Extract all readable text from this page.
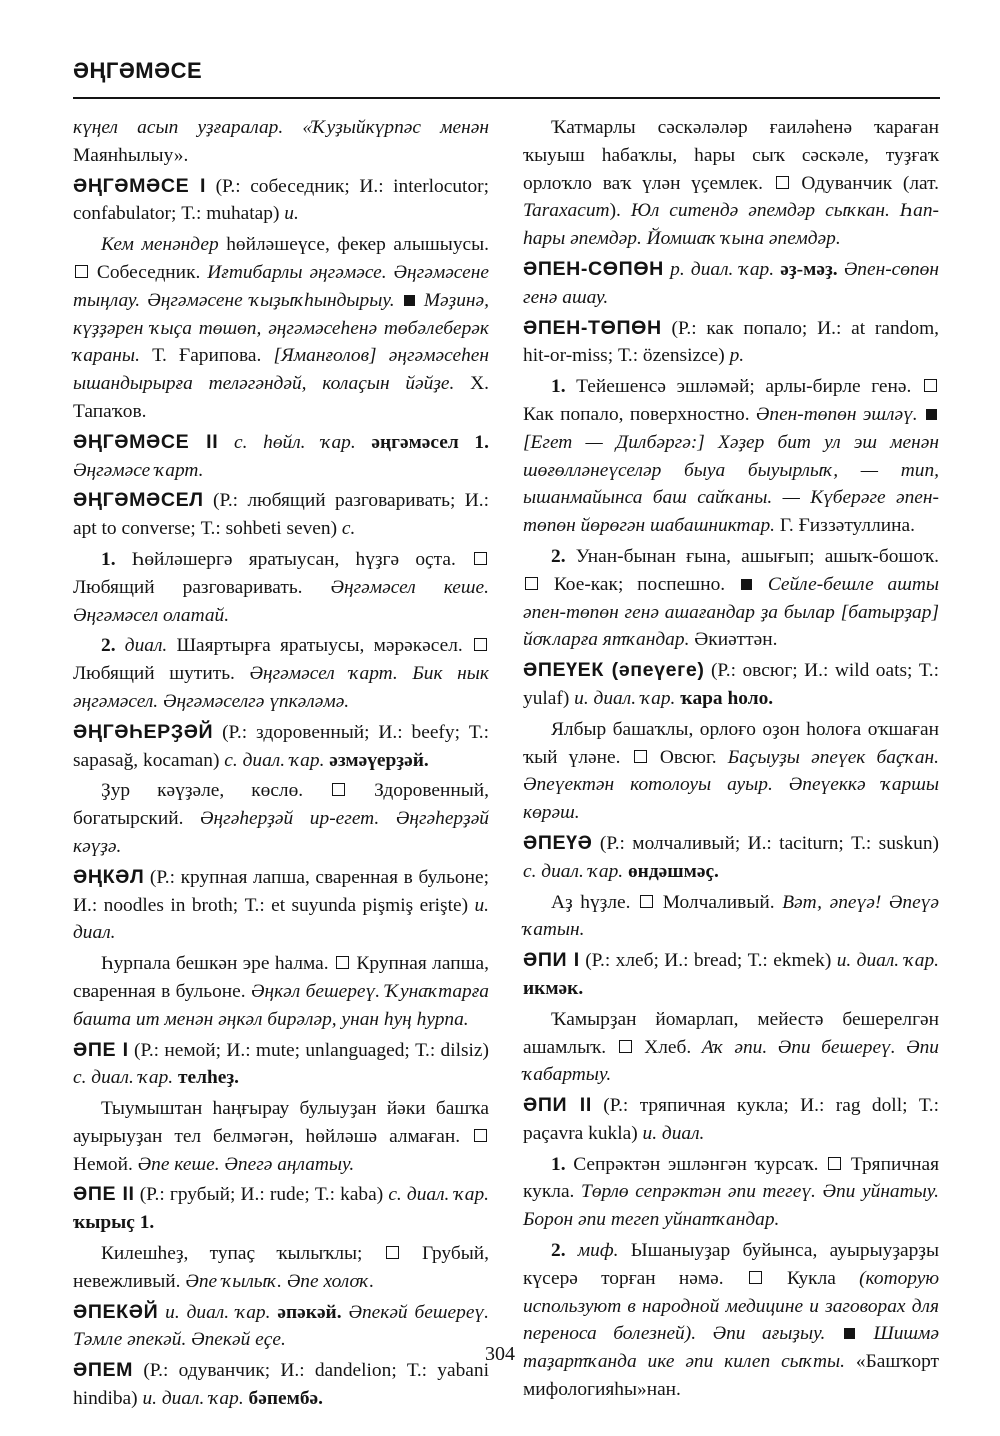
ӘҢГӘМӘСЕ

күңел асып уҙғаралар. «Ҡуҙыйкүрпәс менән Маянһылыу».

ӘҢГӘМӘСЕ I (Р.: собеседник; И.: interlocutor; confabulator; Т.: muhatap) и.

Кем менәндер һөйләшеүсе, фекер алышыусы.  Собеседник. Иғтибарлы әңгәмәсе. Әңгәмәсене тыңлау. Әңгәмәсене ҡыҙыҡһындырыу.  Мәҙинә, күҙҙәрен ҡыҫа төшөп, әңгәмәсеһенә төбәлеберәк ҡараны. Т. Ғарипова. [Яманғолов] әңгәмәсеһен ышандырырға теләгәндәй, колаҫын йәйҙе. Х. Тапаҡов.

ӘҢГӘМӘСЕ II с. һөйл. ҡар. әңгәмәсел 1. Әңгәмәсе ҡарт.

ӘҢГӘМӘСЕЛ (Р.: любящий разговаривать; И.: apt to converse; Т.: sohbeti seven) с.

1. Һөйләшергә яратыусан, һүҙгә оҫта.  Любящий разговаривать. Әңгәмәсел кеше. Әңгәмәсел олатай.

2. диал. Шаяртырға яратыусы, мәрәкәсел.  Любящий шутить. Әңгәмәсел ҡарт. Бик нык әңгәмәсел. Әңгәмәселгә үпкәләмә.

ӘҢГӘҺЕРҘӘЙ (Р.: здоровенный; И.: beefy; Т.: sapasağ, kocaman) с. диал. ҡар. әзмәүерҙәй.

Ҙур кәүҙәле, көслө.  Здоровенный, богатырский. Әңгәһерҙәй ир-егет. Әңгәһерҙәй кәүҙә.

ӘҢКӘЛ (Р.: крупная лапша, сваренная в бульоне; И.: noodles in broth; Т.: et suyunda pişmiş erişte) и. диал.

Һурпала бешкән эре һалма.  Крупная лапша, сваренная в бульоне. Әңкәл бешереү. Ҡунаҡтарға башта ит менән әңкәл бирәләр, унан һуң һурпа.

ӘПЕ I (Р.: немой; И.: mute; unlanguaged; Т.: dilsiz) с. диал. ҡар. телһеҙ.

Тыумыштан һаңғырау булыуҙан йәки башҡа ауырыуҙан тел белмәгән, һөйләшә алмаған.  Немой. Әпе кеше. Әпегә аңлатыу.

ӘПЕ II (Р.: грубый; И.: rude; Т.: kaba) с. диал. ҡар. ҡырыҫ 1.

Килешһеҙ, тупаҫ ҡылыҡлы;  Грубый, невежливый. Әпе ҡылыҡ. Әпе холоҡ.

ӘПЕКӘЙ и. диал. ҡар. әпәкәй. Әпекәй бешереү. Тәмле әпекәй. Әпекәй еҫе.

ӘПЕМ (Р.: одуванчик; И.: dandelion; Т.: yabani hindiba) и. диал. ҡар. бәпембә.

Ҡатмарлы сәскәләләр ғаиләһенә ҡараған ҡыуыш һабаҡлы, һары сыҡ сәскәле, туҙғаҡ орлоҡло ваҡ үлән үҫемлек.  Одуванчик (лат. Taraxacum). Юл ситендә әпемдәр сыҡкан. Һап-һары әпемдәр. Йомшаҡ ҡына әпемдәр.

ӘПЕН-СӨПӨН р. диал. ҡар. әҙ-мәҙ. Әпен-сөпөн генә ашау.

ӘПЕН-ТӨПӨН (Р.: как попало; И.: at random, hit-or-miss; Т.: özensizce) р.

1. Тейешенсә эшләмәй; арлы-бирле генә.  Как попало, поверхностно. Әпен-төпөн эшләү.  [Егет — Дилбәргә:] Хәҙер бит ул эш менән шөғөлләнеүселәр быуа быуырлыҡ, — тип, ышанмайынса баш сайҡаны. — Күберәге әпен-төпөн йөрөгән шабашниктар. Г. Ғиззәтуллина.

2. Унан-бынан ғына, ашығып; ашыҡ-бошоҡ.  Кое-как; поспешно. Сейле-бешле ашты әпен-төпөн генә ашағандар ҙа былар [батырҙар] йоҡларға ятҡандар. Әкиәттән.

ӘПЕҮЕК (әпеүеге) (Р.: овсюг; И.: wild oats; Т.: yulaf) и. диал. ҡар. ҡара һоло.

Ялбыр башаҡлы, орлоғо оҙон һолоға оҡшаған ҡый үләне.  Овсюг. Баҫыуҙы әпеүек баҫҡан. Әпеүектән котолоуы ауыр. Әпеүеккә ҡаршы көрәш.

ӘПЕҮӘ (Р.: молчаливый; И.: taciturn; Т.: suskun) с. диал. ҡар. өндәшмәҫ.

Аҙ һүҙле.  Молчаливый. Вәт, әпеүә! Әпеүә ҡатын.

ӘПИ I (Р.: хлеб; И.: bread; Т.: ekmek) и. диал. ҡар. икмәк.

Ҡамырҙан йомарлап, мейестә бешерелгән ашамлыҡ.  Хлеб. Аҡ әпи. Әпи бешереү. Әпи ҡабартыу.

ӘПИ II (Р.: тряпичная кукла; И.: rag doll; Т.: paçavra kukla) и. диал.

1. Сепрәктән эшләнгән ҡурсаҡ.  Тряпичная кукла. Төрлө сепрәктән әпи тегеү. Әпи уйнатыу. Борон әпи тегеп уйнатҡандар.

2. миф. Ышаныуҙар буйынса, ауырыуҙарҙы күсерә торған нәмә.  Кукла (которую используют в народной медицине и заговорах для переноса болезней). Әпи ағыҙыу.  Шишмә таҙартҡанда ике әпи килеп сыҡты. «Башҡорт мифологияһы»нан.

304
